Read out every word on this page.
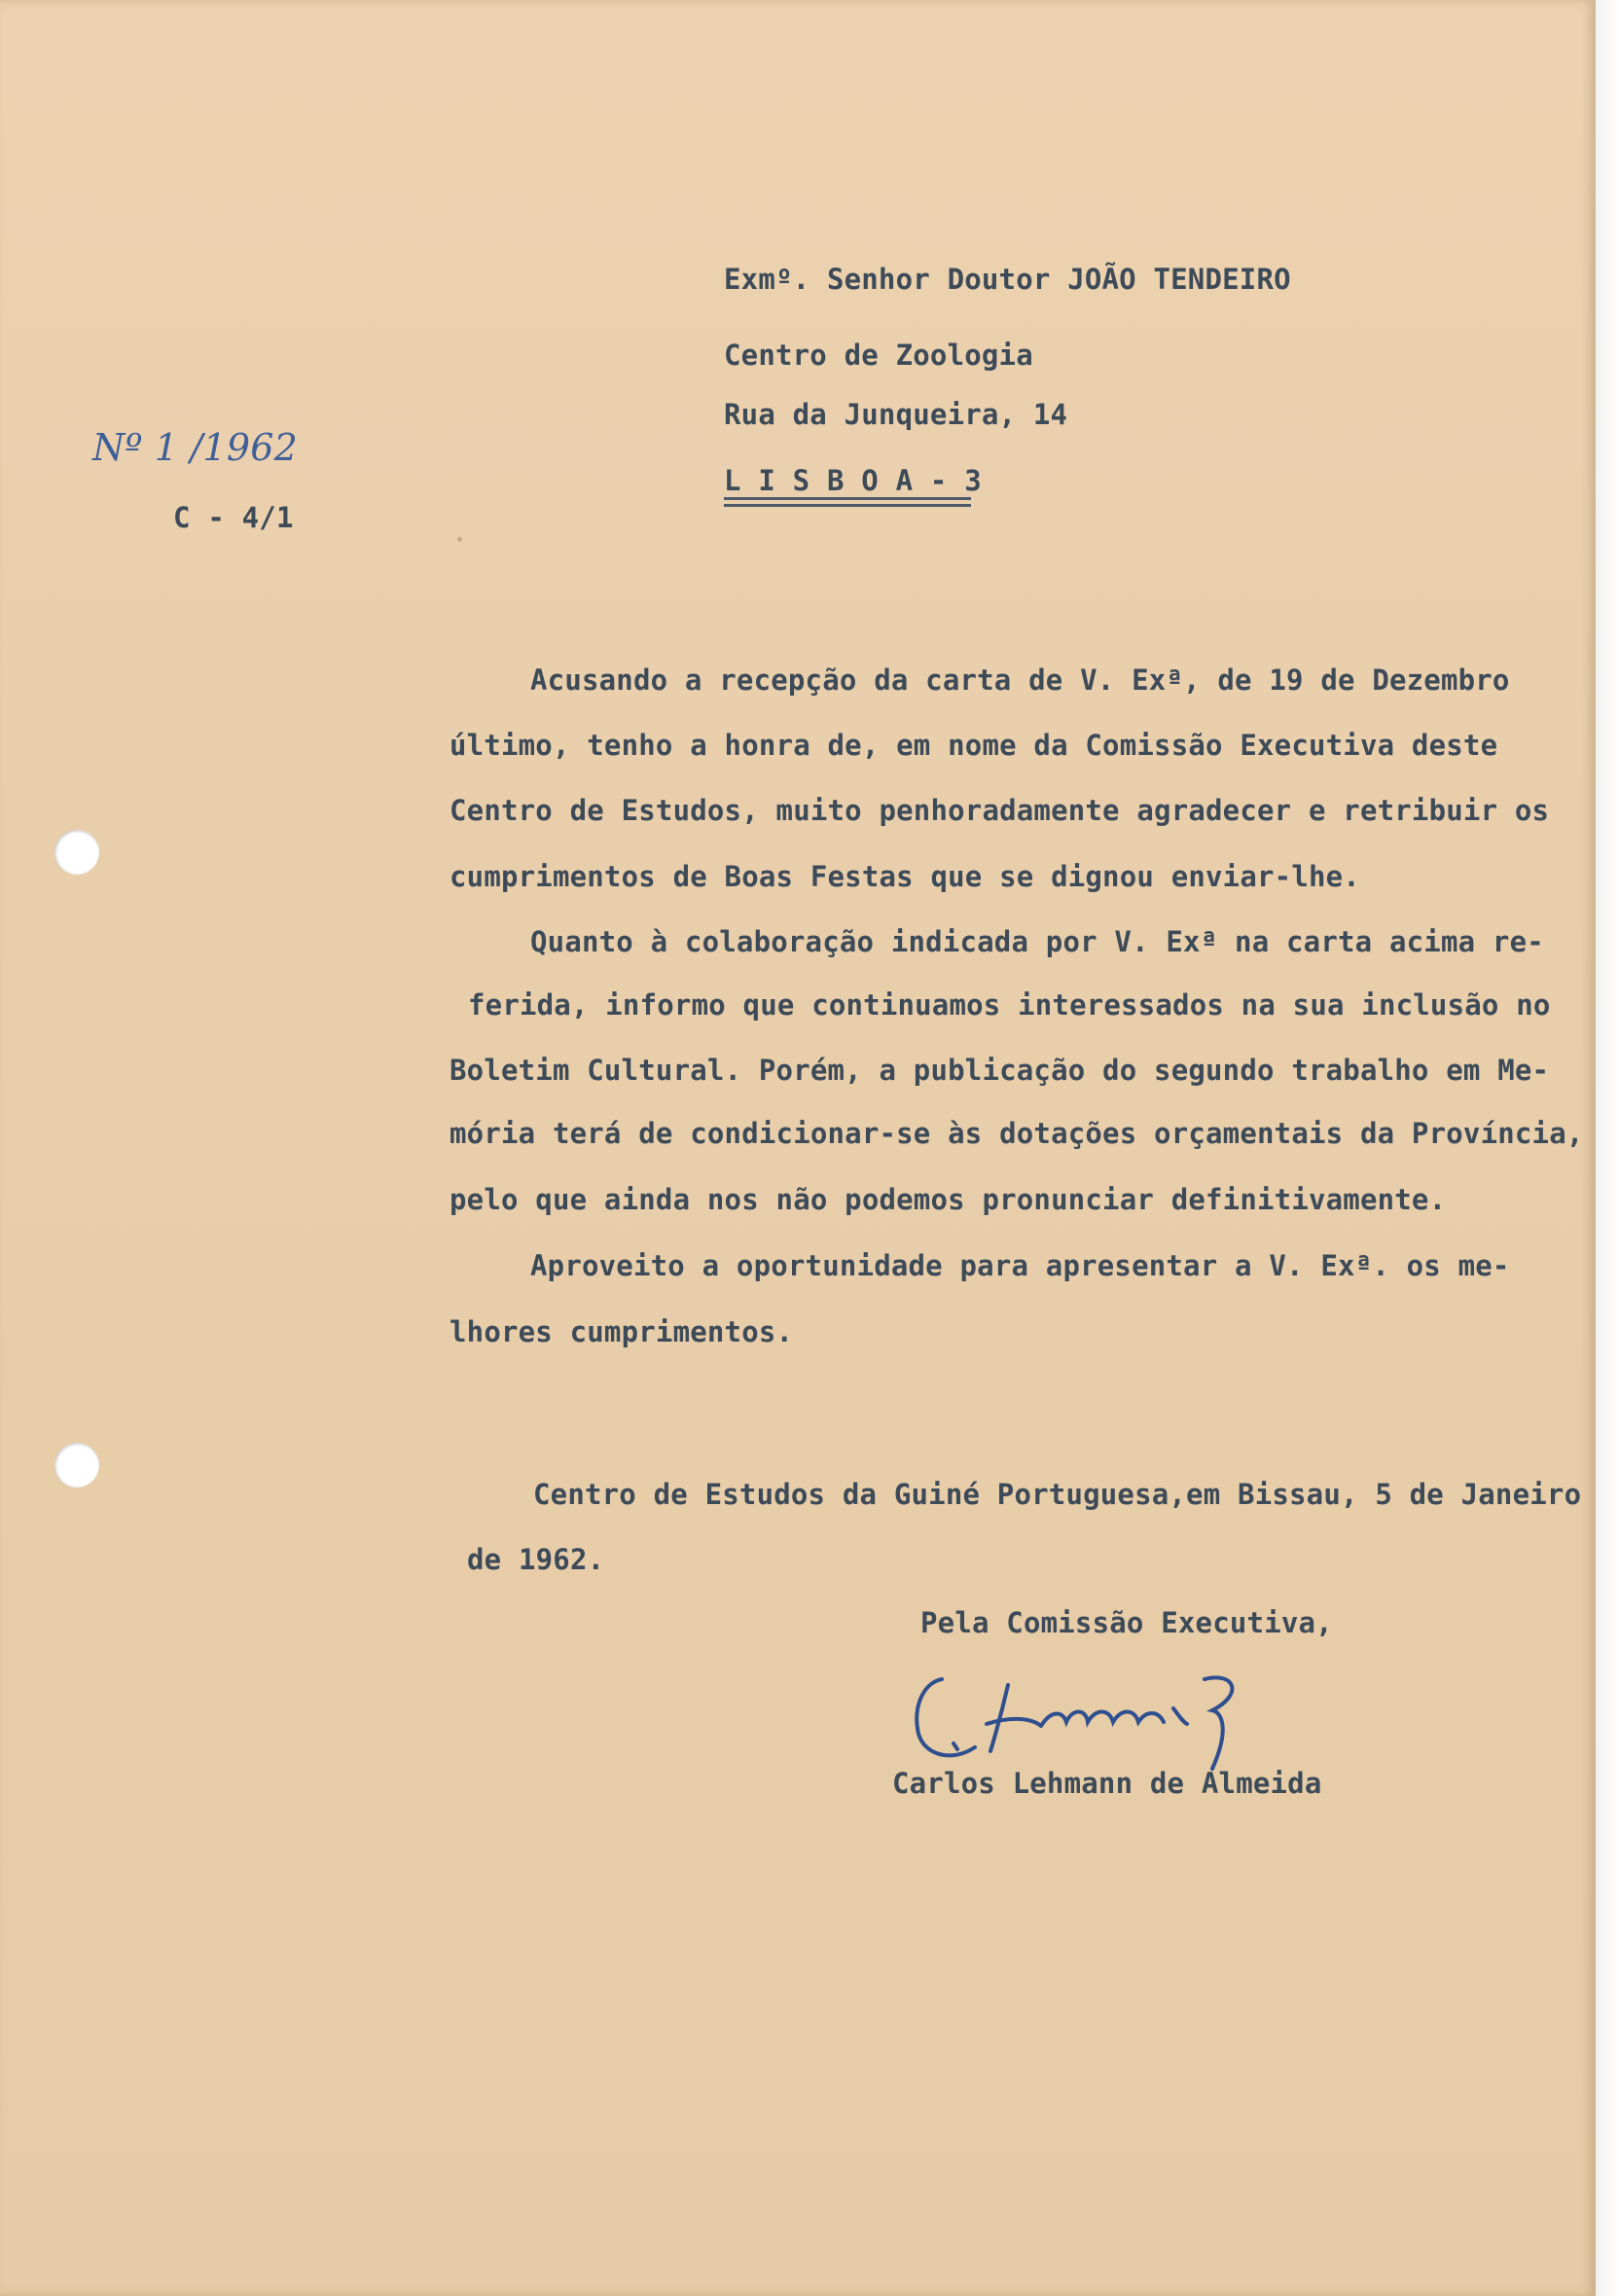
Nº 1 /1962
C - 4/1
Exmº. Senhor Doutor JOÃO TENDEIRO
Centro de Zoologia
Rua da Junqueira, 14
L I S B O A - 3
Acusando a recepção da carta de V. Exª, de 19 de Dezembro
último, tenho a honra de, em nome da Comissão Executiva deste
Centro de Estudos, muito penhoradamente agradecer e retribuir os
cumprimentos de Boas Festas que se dignou enviar-lhe.
Quanto à colaboração indicada por V. Exª na carta acima re-
ferida, informo que continuamos interessados na sua inclusão no
Boletim Cultural. Porém, a publicação do segundo trabalho em Me-
mória terá de condicionar-se às dotações orçamentais da Província,
pelo que ainda nos não podemos pronunciar definitivamente.
Aproveito a oportunidade para apresentar a V. Exª. os me-
lhores cumprimentos.
Centro de Estudos da Guiné Portuguesa,em Bissau, 5 de Janeiro
de 1962.
Pela Comissão Executiva,
Carlos Lehmann de Almeida
